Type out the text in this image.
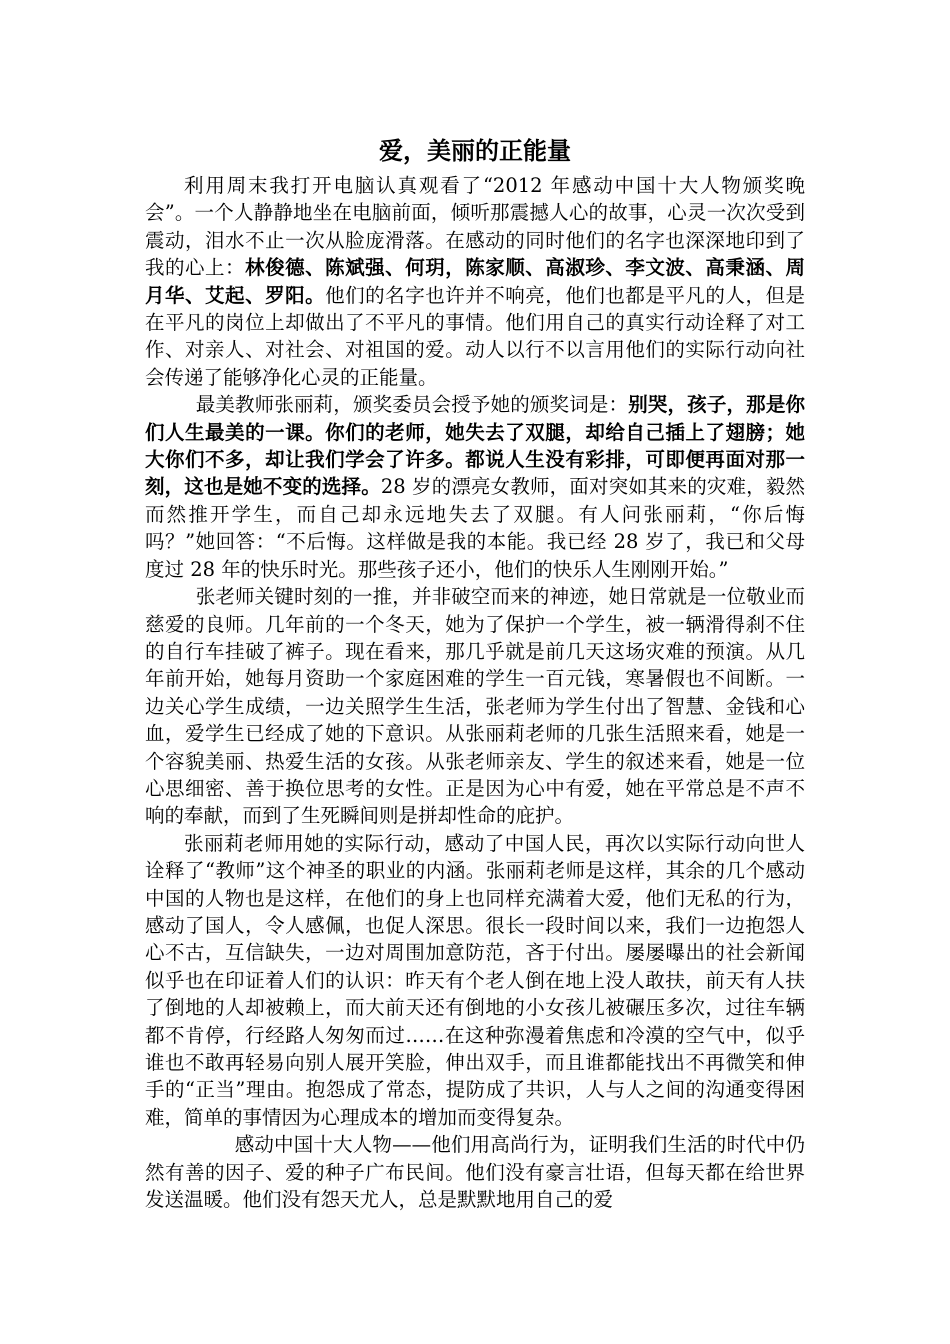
爱，美丽的正能量

利用周末我打开电脑认真观看了“2012 年感动中国十大人物颁奖晚会”。一个人静静地坐在电脑前面，倾听那震撼人心的故事，心灵一次次受到震动，泪水不止一次从脸庞滑落。在感动的同时他们的名字也深深地印到了我的心上：林俊德、陈斌强、何玥，陈家顺、高淑珍、李文波、高秉涵、周月华、艾起、罗阳。他们的名字也许并不响亮，他们也都是平凡的人，但是在平凡的岗位上却做出了不平凡的事情。他们用自己的真实行动诠释了对工作、对亲人、对社会、对祖国的爱。动人以行不以言用他们的实际行动向社会传递了能够净化心灵的正能量。

最美教师张丽莉，颁奖委员会授予她的颁奖词是：别哭，孩子，那是你们人生最美的一课。你们的老师，她失去了双腿，却给自己插上了翅膀；她大你们不多，却让我们学会了许多。都说人生没有彩排，可即便再面对那一刻，这也是她不变的选择。28 岁的漂亮女教师，面对突如其来的灾难，毅然而然推开学生，而自己却永远地失去了双腿。有人问张丽莉，“你后悔吗？”她回答：“不后悔。这样做是我的本能。我已经 28 岁了，我已和父母度过 28 年的快乐时光。那些孩子还小，他们的快乐人生刚刚开始。”

张老师关键时刻的一推，并非破空而来的神迹，她日常就是一位敬业而慈爱的良师。几年前的一个冬天，她为了保护一个学生，被一辆滑得刹不住的自行车挂破了裤子。现在看来，那几乎就是前几天这场灾难的预演。从几年前开始，她每月资助一个家庭困难的学生一百元钱，寒暑假也不间断。一边关心学生成绩，一边关照学生生活，张老师为学生付出了智慧、金钱和心血，爱学生已经成了她的下意识。从张丽莉老师的几张生活照来看，她是一个容貌美丽、热爱生活的女孩。从张老师亲友、学生的叙述来看，她是一位心思细密、善于换位思考的女性。正是因为心中有爱，她在平常总是不声不响的奉献，而到了生死瞬间则是拼却性命的庇护。

张丽莉老师用她的实际行动，感动了中国人民，再次以实际行动向世人诠释了“教师”这个神圣的职业的内涵。张丽莉老师是这样，其余的几个感动中国的人物也是这样，在他们的身上也同样充满着大爱，他们无私的行为，感动了国人，令人感佩，也促人深思。很长一段时间以来，我们一边抱怨人心不古，互信缺失，一边对周围加意防范，吝于付出。屡屡曝出的社会新闻似乎也在印证着人们的认识：昨天有个老人倒在地上没人敢扶，前天有人扶了倒地的人却被赖上，而大前天还有倒地的小女孩儿被碾压多次，过往车辆都不肯停，行经路人匆匆而过……在这种弥漫着焦虑和冷漠的空气中，似乎谁也不敢再轻易向别人展开笑脸，伸出双手，而且谁都能找出不再微笑和伸手的“正当”理由。抱怨成了常态，提防成了共识，人与人之间的沟通变得困难，简单的事情因为心理成本的增加而变得复杂。

感动中国十大人物——他们用高尚行为，证明我们生活的时代中仍然有善的因子、爱的种子广布民间。他们没有豪言壮语，但每天都在给世界发送温暖。他们没有怨天尤人，总是默默地用自己的爱
